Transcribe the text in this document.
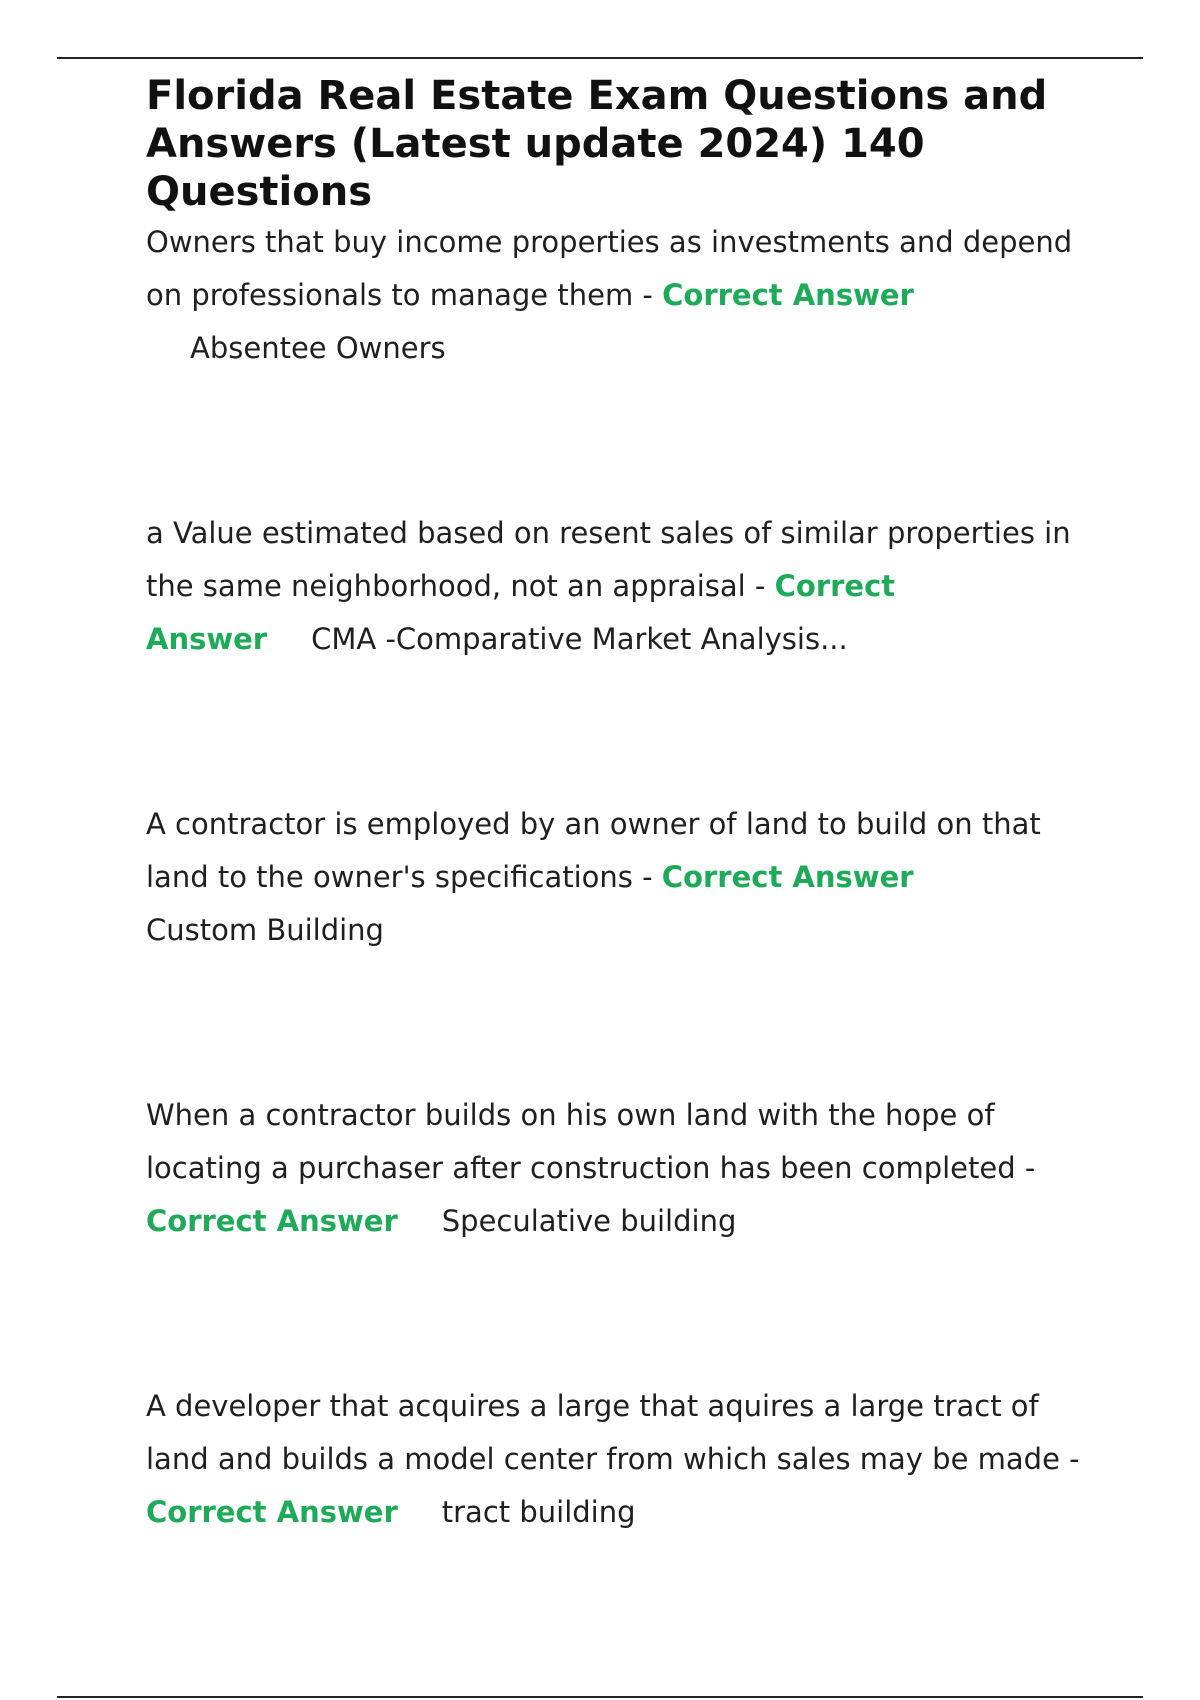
Florida Real Estate Exam Questions and Answers (Latest update 2024) 140 Questions

Owners that buy income properties as investments and depend on professionals to manage them - Correct Answer
Absentee Owners

a Value estimated based on resent sales of similar properties in the same neighborhood, not an appraisal - Correct Answer CMA -Comparative Market Analysis...

A contractor is employed by an owner of land to build on that land to the owner's specifications - Correct Answer
Custom Building

When a contractor builds on his own land with the hope of locating a purchaser after construction has been completed - Correct Answer Speculative building

A developer that acquires a large that aquires a large tract of land and builds a model center from which sales may be made - Correct Answer tract building
